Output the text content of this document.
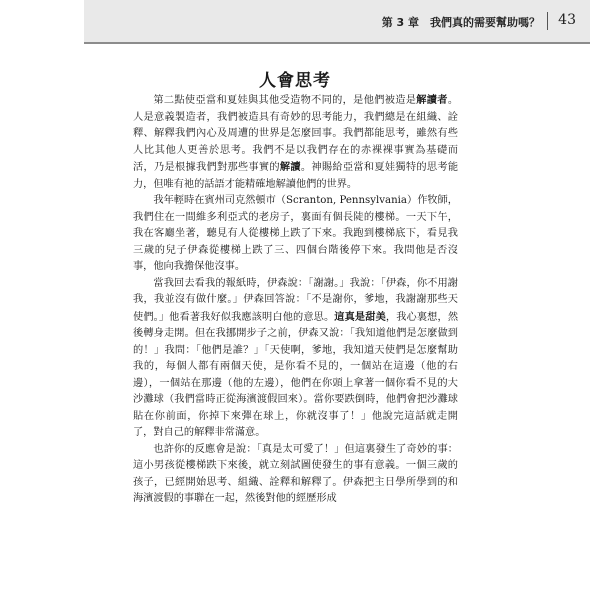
第 3 章　我們真的需要幫助嗎？ 43
人會思考

第二點使亞當和夏娃與其他受造物不同的，是他們被造是解讀者。人是意義製造者，我們被造具有奇妙的思考能力，我們總是在組織、詮釋、解釋我們內心及周遭的世界是怎麼回事。我們都能思考，雖然有些人比其他人更善於思考。我們不是以我們存在的赤裸裸事實為基礎而活，乃是根據我們對那些事實的解讀。神賜給亞當和夏娃獨特的思考能力，但唯有祂的話語才能精確地解讀他們的世界。

我年輕時在賓州司克然頓市（Scranton, Pennsylvania）作牧師，我們住在一間維多利亞式的老房子，裏面有個長陡的樓梯。一天下午，我在客廳坐著，聽見有人從樓梯上跌了下來。我跑到樓梯底下，看見我三歲的兒子伊森從樓梯上跌了三、四個台階後停下來。我問他是否沒事，他向我擔保他沒事。

當我回去看我的報紙時，伊森說：「謝謝。」我說：「伊森，你不用謝我，我並沒有做什麼。」伊森回答說：「不是謝你，爹地，我謝謝那些天使們。」他看著我好似我應該明白他的意思。這真是甜美，我心裏想，然後轉身走開。但在我挪開步子之前，伊森又說：「我知道他們是怎麼做到的！」我問：「他們是誰？」「天使啊，爹地，我知道天使們是怎麼幫助我的，每個人都有兩個天使，是你看不見的，一個站在這邊（他的右邊），一個站在那邊（他的左邊），他們在你頭上拿著一個你看不見的大沙灘球（我們當時正從海濱渡假回來）。當你要跌倒時，他們會把沙灘球貼在你前面，你掉下來彈在球上，你就沒事了！」他說完這話就走開了，對自己的解釋非常滿意。

也許你的反應會是說：「真是太可愛了！」但這裏發生了奇妙的事：這小男孩從樓梯跌下來後，就立刻試圖使發生的事有意義。一個三歲的孩子，已經開始思考、組織、詮釋和解釋了。伊森把主日學所學到的和海濱渡假的事聯在一起，然後對他的經歷形成
